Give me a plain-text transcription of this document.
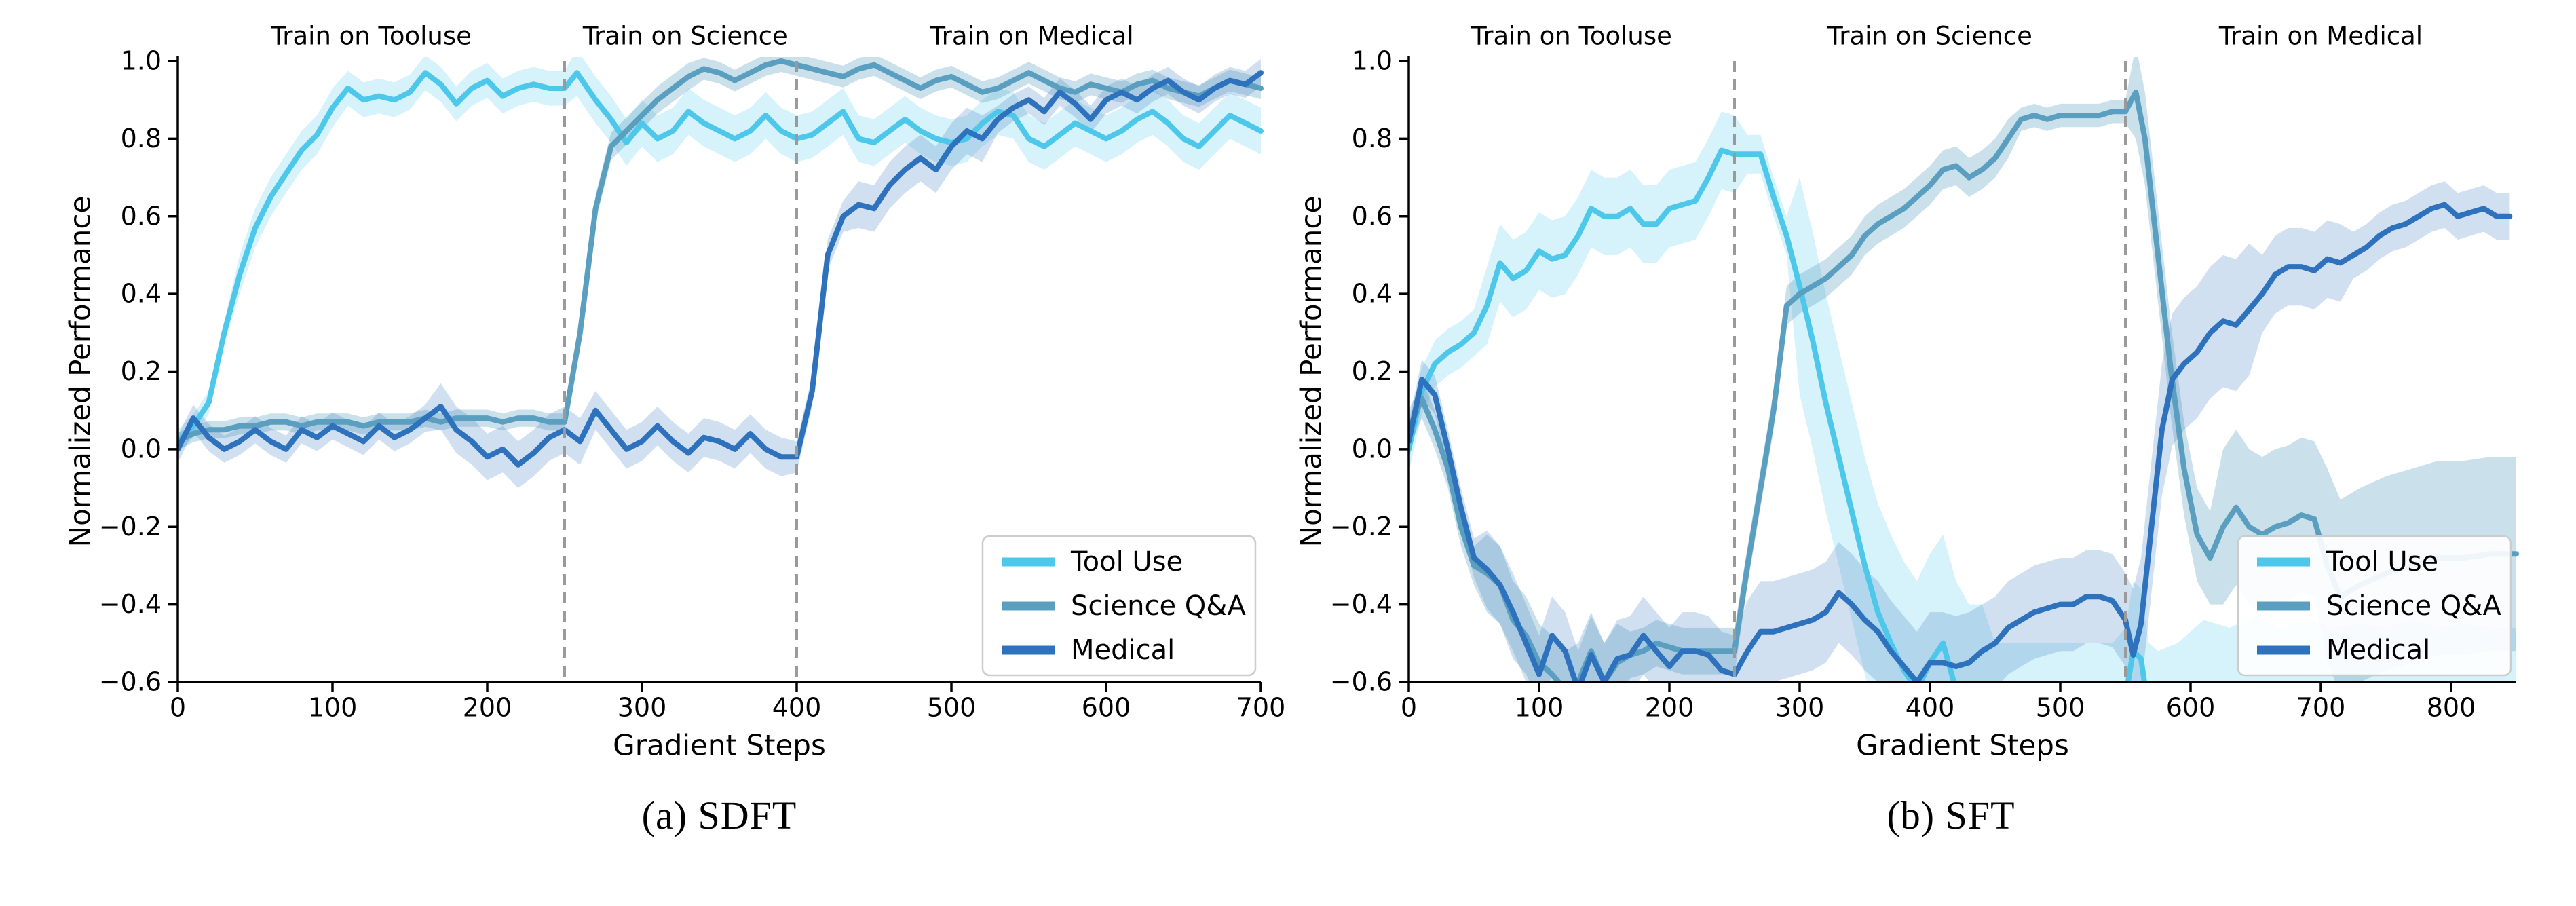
0	100	200	300	400	500	600	700
−0.6
−0.4
−0.2
0.0
0.2
0.4
0.6
0.8
1.0
Gradient Steps
Normalized Performance
Train on Tooluse	Train on Science	Train on Medical
Tool Use
Science Q&A
Medical
0	100	200	300	400	500	600	700	800
−0.6
−0.4
−0.2
0.0
0.2
0.4
0.6
0.8
1.0
Gradient Steps
Normalized Performance
Train on Tooluse	Train on Science	Train on Medical
Tool Use
Science Q&A
Medical
(a) SDFT	(b) SFT
